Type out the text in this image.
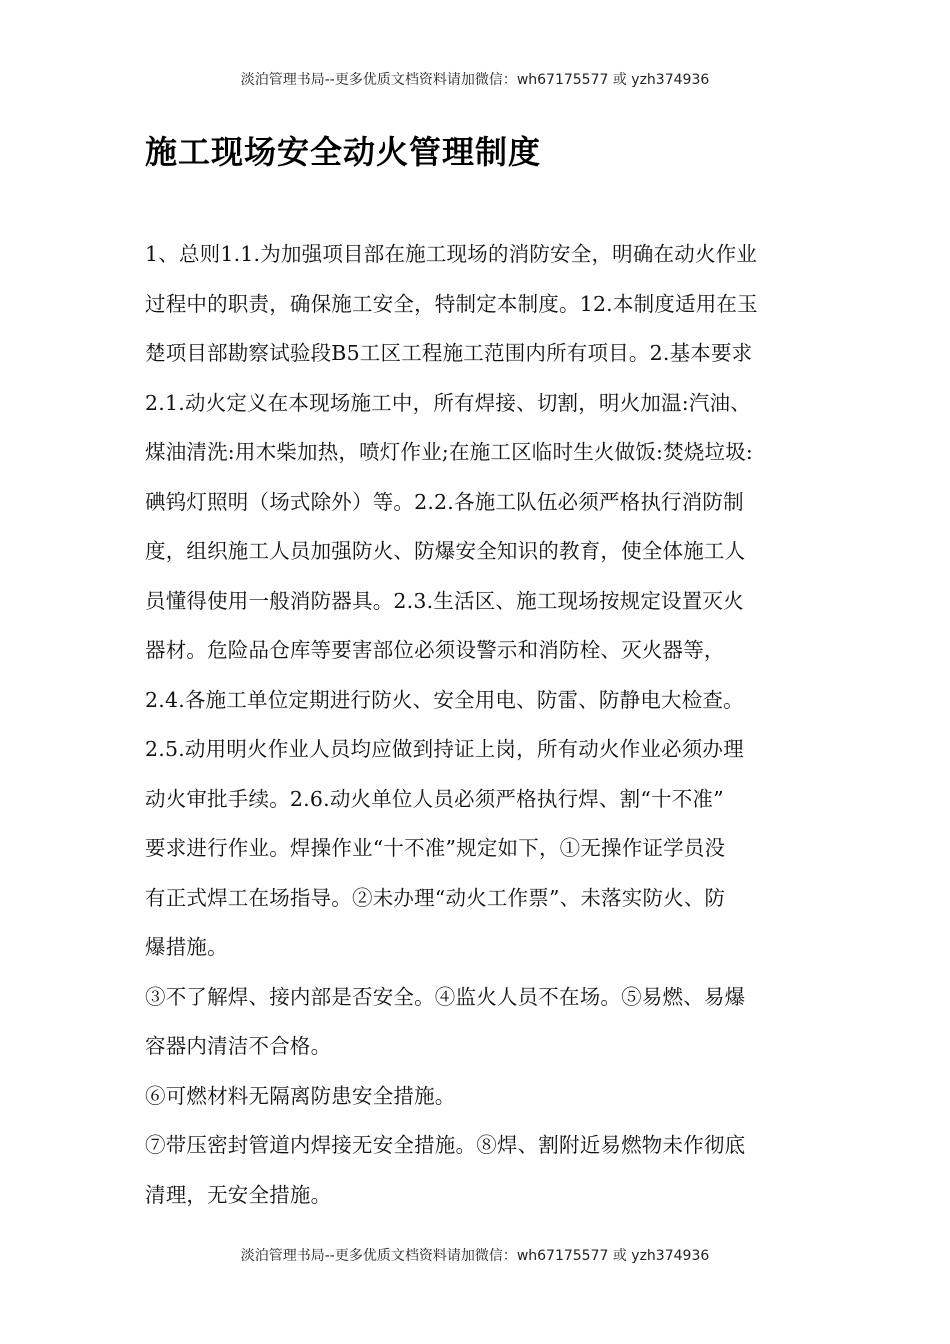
淡泊管理书局--更多优质文档资料请加微信：wh67175577 或 yzh374936
施工现场安全动火管理制度
1、总则1.1.为加强项目部在施工现场的消防安全，明确在动火作业
过程中的职责，确保施工安全，特制定本制度。12.本制度适用在玉
楚项目部勘察试验段B5工区工程施工范围内所有项目。2.基本要求
2.1.动火定义在本现场施工中，所有焊接、切割，明火加温:汽油、
煤油清洗:用木柴加热，喷灯作业;在施工区临时生火做饭:焚烧垃圾:
碘钨灯照明（场式除外）等。2.2.各施工队伍必须严格执行消防制
度，组织施工人员加强防火、防爆安全知识的教育，使全体施工人
员懂得使用一般消防器具。2.3.生活区、施工现场按规定设置灭火
器材。危险品仓库等要害部位必须设警示和消防栓、灭火器等，
2.4.各施工单位定期进行防火、安全用电、防雷、防静电大检查。
2.5.动用明火作业人员均应做到持证上岗，所有动火作业必须办理
动火审批手续。2.6.动火单位人员必须严格执行焊、割“十不准”
要求进行作业。焊操作业“十不准”规定如下，①无操作证学员没
有正式焊工在场指导。②未办理“动火工作票”、未落实防火、防
爆措施。
③不了解焊、接内部是否安全。④监火人员不在场。⑤易燃、易爆
容器内清洁不合格。
⑥可燃材料无隔离防患安全措施。
⑦带压密封管道内焊接无安全措施。⑧焊、割附近易燃物未作彻底
清理，无安全措施。
淡泊管理书局--更多优质文档资料请加微信：wh67175577 或 yzh374936
